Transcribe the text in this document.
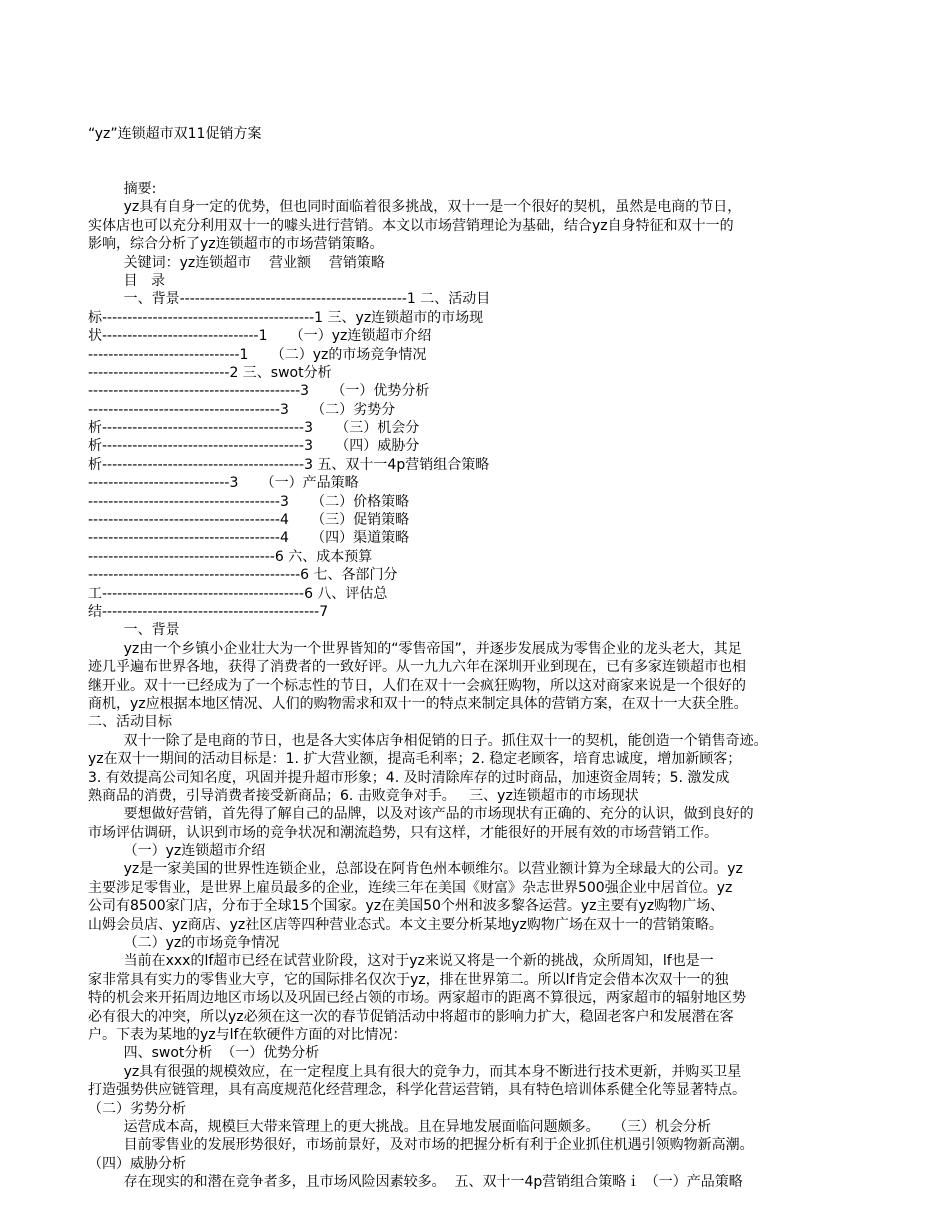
“yz”连锁超市双11促销方案

摘要:
yz具有自身一定的优势，但也同时面临着很多挑战，双十一是一个很好的契机，虽然是电商的节日，
实体店也可以充分利用双十一的噱头进行营销。本文以市场营销理论为基础，结合yz自身特征和双十一的
影响，综合分析了yz连锁超市的市场营销策略。
关键词：yz连锁超市    营业额    营销策略
目   录
一、背景---------------------------------------------1 二、活动目
标------------------------------------------1 三、yz连锁超市的市场现
状-------------------------------1     （一）yz连锁超市介绍
------------------------------1     （二）yz的市场竞争情况
----------------------------2 三、swot分析
------------------------------------------3     （一）优势分析
--------------------------------------3     （二）劣势分
析----------------------------------------3     （三）机会分
析----------------------------------------3     （四）威胁分
析----------------------------------------3 五、双十一4p营销组合策略
----------------------------3     （一）产品策略
--------------------------------------3     （二）价格策略
--------------------------------------4     （三）促销策略
--------------------------------------4     （四）渠道策略
-------------------------------------6 六、成本预算
------------------------------------------6 七、各部门分
工----------------------------------------6 八、评估总
结-------------------------------------------7
一、背景
yz由一个乡镇小企业壮大为一个世界皆知的“零售帝国”，并逐步发展成为零售企业的龙头老大，其足
迹几乎遍布世界各地，获得了消费者的一致好评。从一九九六年在深圳开业到现在，已有多家连锁超市也相
继开业。双十一已经成为了一个标志性的节日，人们在双十一会疯狂购物，所以这对商家来说是一个很好的
商机，yz应根据本地区情况、人们的购物需求和双十一的特点来制定具体的营销方案，在双十一大获全胜。
二、活动目标
双十一除了是电商的节日，也是各大实体店争相促销的日子。抓住双十一的契机，能创造一个销售奇迹。
yz在双十一期间的活动目标是：1. 扩大营业额，提高毛利率；2. 稳定老顾客，培育忠诚度，增加新顾客；
3. 有效提高公司知名度，巩固并提升超市形象；4. 及时清除库存的过时商品，加速资金周转；5. 激发成
熟商品的消费，引导消费者接受新商品；6. 击败竞争对手。   三、yz连锁超市的市场现状
要想做好营销，首先得了解自己的品牌，以及对该产品的市场现状有正确的、充分的认识，做到良好的
市场评估调研，认识到市场的竞争状况和潮流趋势，只有这样，才能很好的开展有效的市场营销工作。
（一）yz连锁超市介绍
yz是一家美国的世界性连锁企业，总部设在阿肯色州本顿维尔。以营业额计算为全球最大的公司。yz
主要涉足零售业，是世界上雇员最多的企业，连续三年在美国《财富》杂志世界500强企业中居首位。yz
公司有8500家门店，分布于全球15个国家。yz在美国50个州和波多黎各运营。yz主要有yz购物广场、
山姆会员店、yz商店、yz社区店等四种营业态式。本文主要分析某地yz购物广场在双十一的营销策略。
（二）yz的市场竞争情况
当前在xxx的lf超市已经在试营业阶段，这对于yz来说又将是一个新的挑战，众所周知，lf也是一
家非常具有实力的零售业大亨，它的国际排名仅次于yz，排在世界第二。所以lf肯定会借本次双十一的独
特的机会来开拓周边地区市场以及巩固已经占领的市场。两家超市的距离不算很远，两家超市的辐射地区势
必有很大的冲突，所以yz必须在这一次的春节促销活动中将超市的影响力扩大，稳固老客户和发展潜在客
户。下表为某地的yz与lf在软硬件方面的对比情况：
四、swot分析  （一）优势分析
yz具有很强的规模效应，在一定程度上具有很大的竞争力，而其本身不断进行技术更新，并购买卫星
打造强势供应链管理，具有高度规范化经营理念，科学化营运营销，具有特色培训体系健全化等显著特点。
（二）劣势分析
运营成本高，规模巨大带来管理上的更大挑战。且在异地发展面临问题颇多。   （三）机会分析
目前零售业的发展形势很好，市场前景好，及对市场的把握分析有利于企业抓住机遇引领购物新高潮。
（四）威胁分析
存在现实的和潜在竞争者多，且市场风险因素较多。  五、双十一4p营销组合策略ｉ （一）产品策略
